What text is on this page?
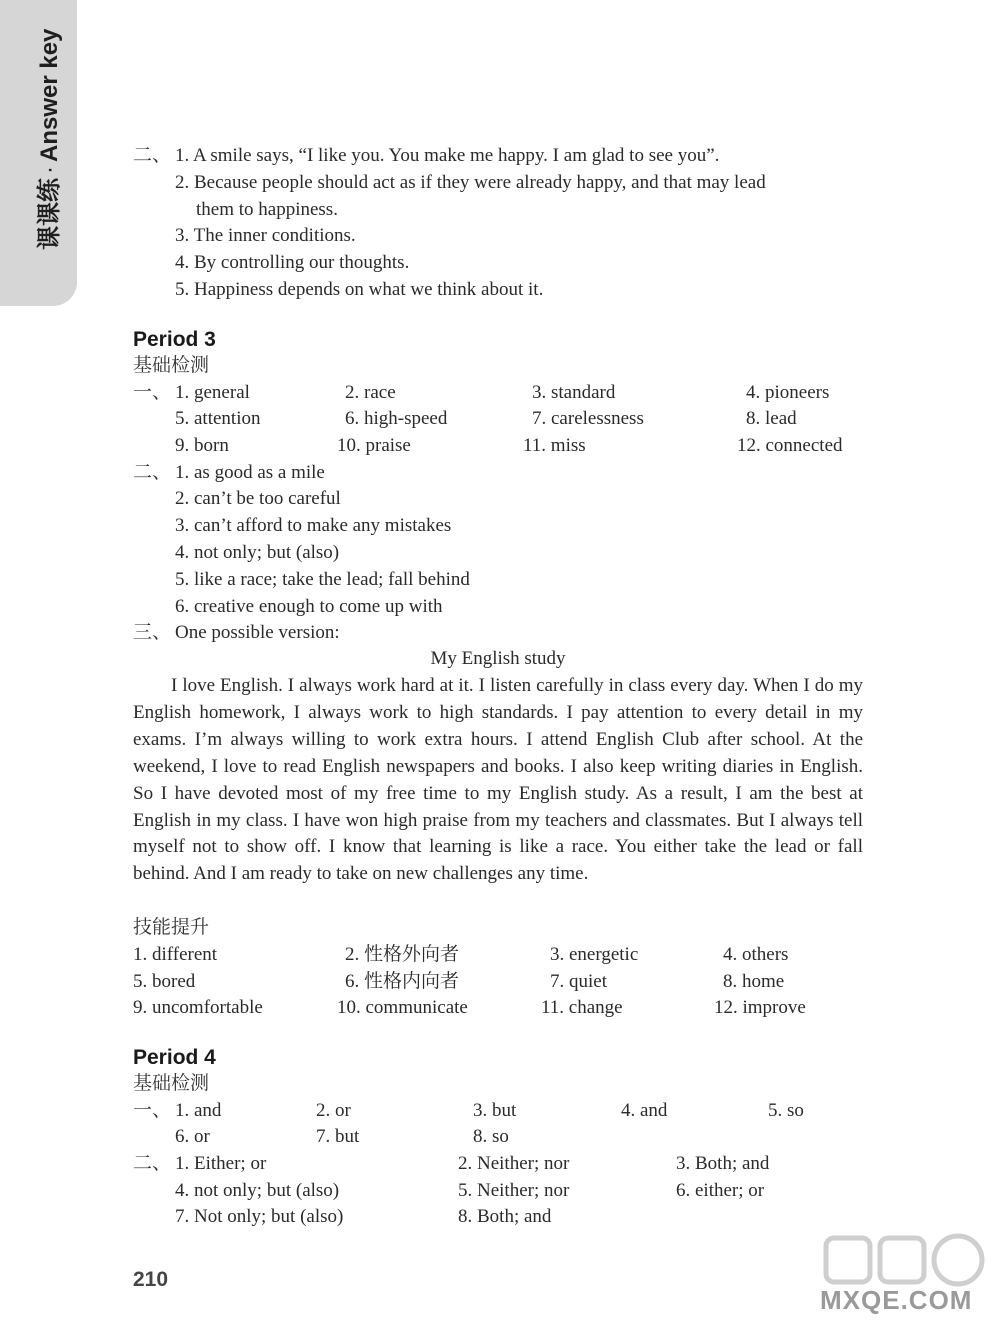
课课练·Answer key	二、 1. A smile says, “I like you. You make me happy. I am glad to see you”.
2. Because people should act as if they were already happy, and that may lead
them to happiness.
3. The inner conditions.
4. By controlling our thoughts.
5. Happiness depends on what we think about it.
Period 3
基础检测
一、 1. general	2. race	3. standard	4. pioneers
5. attention	6. high-speed	7. carelessness	8. lead
9. born	10. praise	11. miss	12. connected
二、 1. as good as a mile
2. can’t be too careful
3. can’t afford to make any mistakes
4. not only; but (also)
5. like a race; take the lead; fall behind
6. creative enough to come up with
三、 One possible version:
My English study

I love English. I always work hard at it. I listen carefully in class every day. When I do my English homework, I always work to high standards. I pay attention to every detail in my exams. I’m always willing to work extra hours. I attend English Club after school. At the weekend, I love to read English newspapers and books. I also keep writing diaries in English. So I have devoted most of my free time to my English study. As a result, I am the best at English in my class. I have won high praise from my teachers and classmates. But I always tell myself not to show off. I know that learning is like a race. You either take the lead or fall behind. And I am ready to take on new challenges any time.

技能提升
1. different	2. 性格外向者	3. energetic	4. others
5. bored	6. 性格内向者	7. quiet	8. home
9. uncomfortable	10. communicate	11. change	12. improve
Period 4
基础检测
一、 1. and	2. or	3. but	4. and	5. so
6. or	7. but	8. so
二、 1. Either; or	2. Neither; nor	3. Both; and
4. not only; but (also)	5. Neither; nor	6. either; or
7. Not only; but (also)	8. Both; and
210
MXQE.COM
